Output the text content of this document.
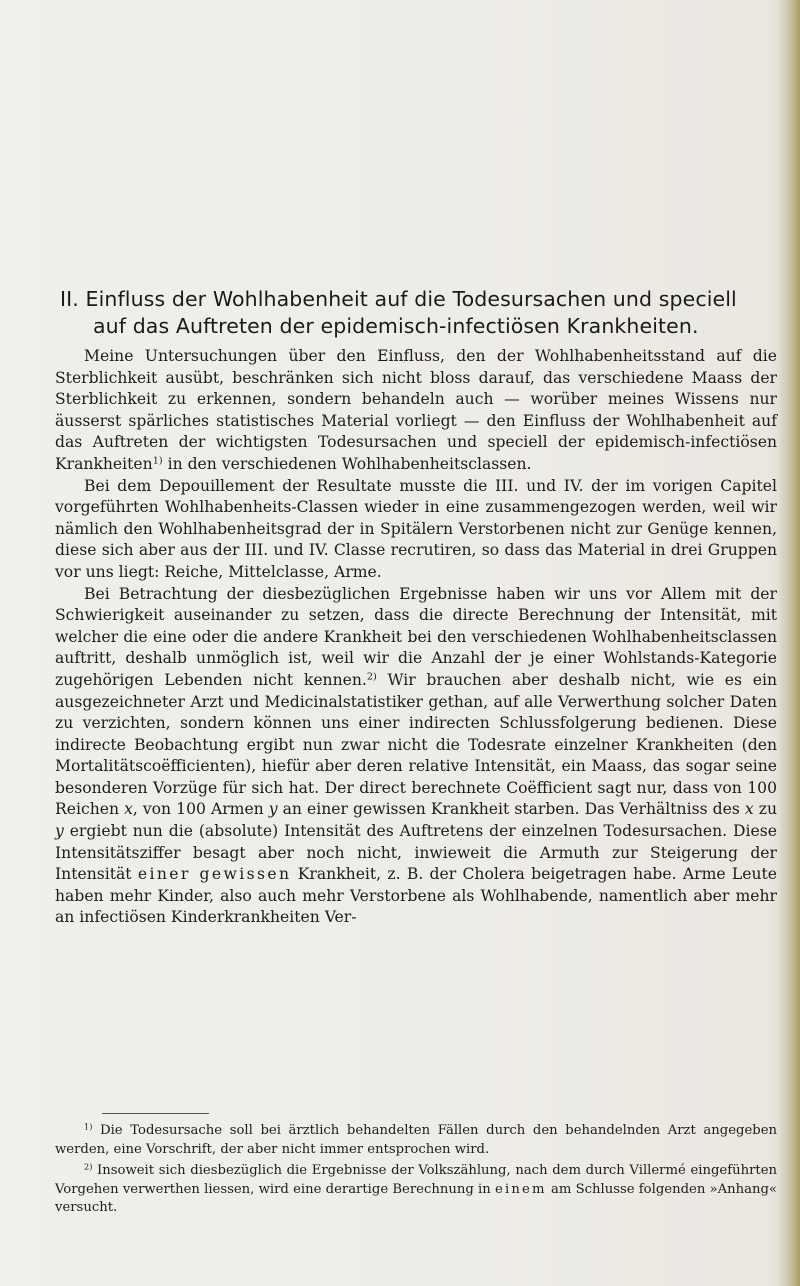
II. Einfluss der Wohlhabenheit auf die Todesursachen und speciell
auf das Auftreten der epidemisch-infectiösen Krankheiten.

Meine Untersuchungen über den Einfluss, den der Wohlhabenheitsstand auf die Sterblichkeit ausübt, beschränken sich nicht bloss darauf, das verschiedene Maass der Sterblichkeit zu erkennen, sondern behandeln auch — worüber meines Wissens nur äusserst spärliches statistisches Material vorliegt — den Einfluss der Wohlhabenheit auf das Auftreten der wichtigsten Todesursachen und speciell der epidemisch-infectiösen Krankheiten$^{1)}$ in den verschiedenen Wohlhabenheitsclassen.

Bei dem Depouillement der Resultate musste die III. und IV. der im vorigen Capitel vorgeführten Wohlhabenheits-Classen wieder in eine zusammengezogen werden, weil wir nämlich den Wohlhabenheitsgrad der in Spitälern Verstorbenen nicht zur Genüge kennen, diese sich aber aus der III. und IV. Classe recrutiren, so dass das Material in drei Gruppen vor uns liegt: Reiche, Mittelclasse, Arme.

Bei Betrachtung der diesbezüglichen Ergebnisse haben wir uns vor Allem mit der Schwierigkeit auseinander zu setzen, dass die directe Berechnung der Intensität, mit welcher die eine oder die andere Krankheit bei den verschiedenen Wohlhabenheitsclassen auftritt, deshalb unmöglich ist, weil wir die Anzahl der je einer Wohlstands-Kategorie zugehörigen Lebenden nicht kennen.$^{2)}$ Wir brauchen aber deshalb nicht, wie es ein ausgezeichneter Arzt und Medicinalstatistiker gethan, auf alle Verwerthung solcher Daten zu verzichten, sondern können uns einer indirecten Schlussfolgerung bedienen. Diese indirecte Beobachtung ergibt nun zwar nicht die Todesrate einzelner Krankheiten (den Mortalitätscoëfficienten), hiefür aber deren relative Intensität, ein Maass, das sogar seine besonderen Vorzüge für sich hat. Der direct berechnete Coëfficient sagt nur, dass von 100 Reichen x, von 100 Armen y an einer gewissen Krankheit starben. Das Verhältniss des x zu y ergiebt nun die (absolute) Intensität des Auftretens der einzelnen Todesursachen. Diese Intensitätsziffer besagt aber noch nicht, inwieweit die Armuth zur Steigerung der Intensität einer gewissen Krankheit, z. B. der Cholera beigetragen habe. Arme Leute haben mehr Kinder, also auch mehr Verstorbene als Wohlhabende, namentlich aber mehr an infectiösen Kinderkrankheiten Ver-

$^{1)}$ Die Todesursache soll bei ärztlich behandelten Fällen durch den behandelnden Arzt angegeben werden, eine Vorschrift, der aber nicht immer entsprochen wird.

$^{2)}$ Insoweit sich diesbezüglich die Ergebnisse der Volkszählung, nach dem durch Villermé eingeführten Vorgehen verwerthen liessen, wird eine derartige Berechnung in einem am Schlusse folgenden »Anhang« versucht.
